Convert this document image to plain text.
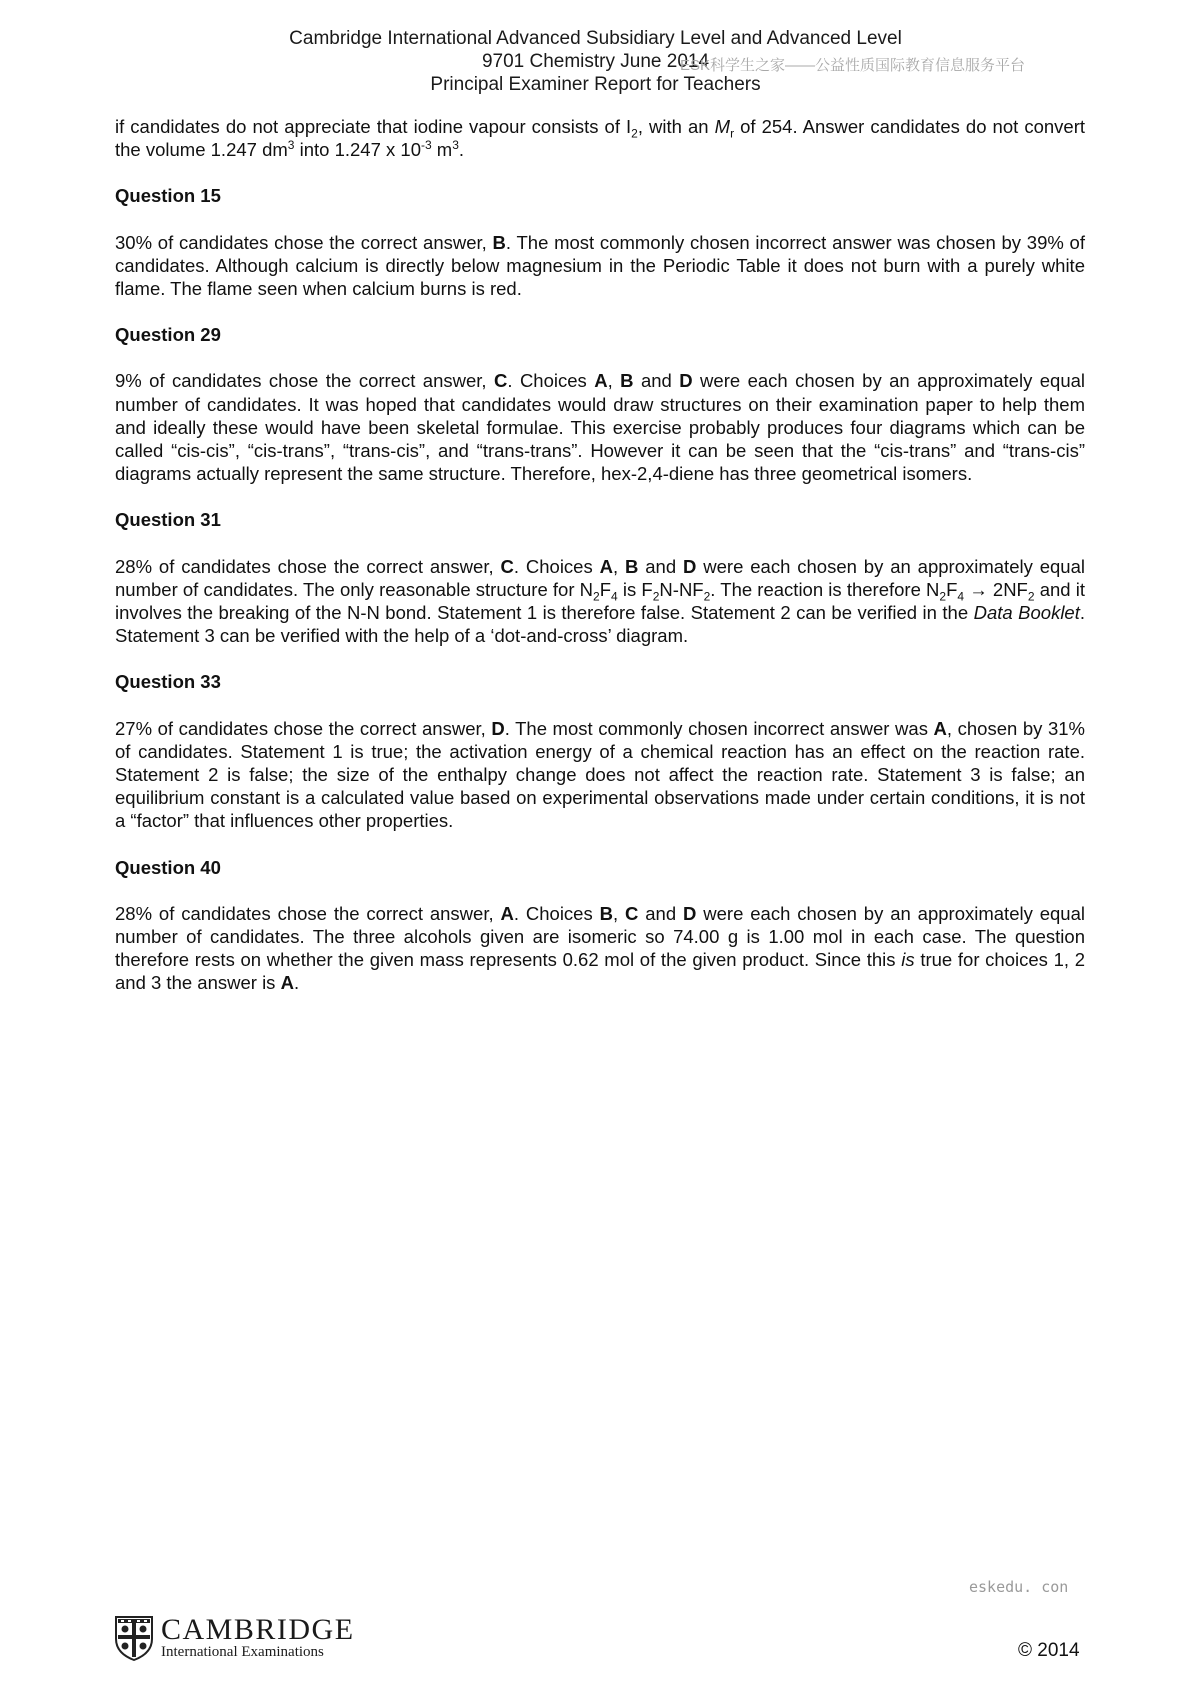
Cambridge International Advanced Subsidiary Level and Advanced Level
9701 Chemistry June 2014
Principal Examiner Report for Teachers
ESK科学生之家——公益性质国际教育信息服务平台

if candidates do not appreciate that iodine vapour consists of $I_2$, with an $M_r$ of 254. Answer candidates do not convert the volume 1.247 $dm^3$ into 1.247 x $10^{-3}$ $m^3$.

Question 15

30% of candidates chose the correct answer, B. The most commonly chosen incorrect answer was chosen by 39% of candidates. Although calcium is directly below magnesium in the Periodic Table it does not burn with a purely white flame. The flame seen when calcium burns is red.

Question 29

9% of candidates chose the correct answer, C. Choices A, B and D were each chosen by an approximately equal number of candidates. It was hoped that candidates would draw structures on their examination paper to help them and ideally these would have been skeletal formulae. This exercise probably produces four diagrams which can be called “cis-cis”, “cis-trans”, “trans-cis”, and “trans-trans”. However it can be seen that the “cis-trans” and “trans-cis” diagrams actually represent the same structure. Therefore, hex-2,4-diene has three geometrical isomers.

Question 31

28% of candidates chose the correct answer, C. Choices A, B and D were each chosen by an approximately equal number of candidates. The only reasonable structure for $N_2F_4$ is $F_2N-NF_2$. The reaction is therefore $N_2F_4 \to 2NF_2$ and it involves the breaking of the N-N bond. Statement 1 is therefore false. Statement 2 can be verified in the Data Booklet. Statement 3 can be verified with the help of a ‘dot-and-cross’ diagram.

Question 33

27% of candidates chose the correct answer, D. The most commonly chosen incorrect answer was A, chosen by 31% of candidates. Statement 1 is true; the activation energy of a chemical reaction has an effect on the reaction rate. Statement 2 is false; the size of the enthalpy change does not affect the reaction rate. Statement 3 is false; an equilibrium constant is a calculated value based on experimental observations made under certain conditions, it is not a “factor” that influences other properties.

Question 40

28% of candidates chose the correct answer, A. Choices B, C and D were each chosen by an approximately equal number of candidates. The three alcohols given are isomeric so 74.00 g is 1.00 mol in each case. The question therefore rests on whether the given mass represents 0.62 mol of the given product. Since this is true for choices 1, 2 and 3 the answer is A.

eskedu. con
CAMBRIDGE
International Examinations	© 2014
